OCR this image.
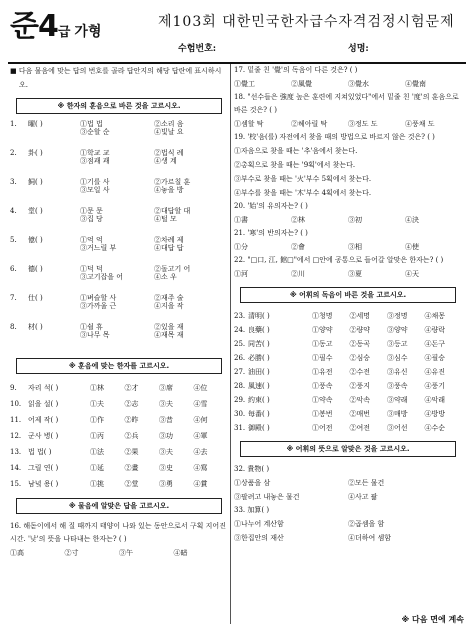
준4급 가형
제103회 대한민국한자급수자격검정시험문제
수험번호:	성명:
■ 다음 물음에 맞는 답의 번호를 골라 답안지의 해당 답란에 표시하시오.
※ 한자의 훈음으로 바른 것을 고르시오.
1.	曜( )	①법 법	②소리 음
③순할 순	④빛날 요
2.	卦( )	①학교 교	②법식 례
③점괘 괘	④생 계
3.	飼( )	①기를 사	②가르칠 훈
③모일 사	④놓을 방
4.	堂( )	①문 문	②대답할 대
③집 당	④털 모
5.	億( )	①억 억	②차례 제
③거느릴 부	④대답 답
6.	德( )	①덕 덕	②돌고기 어
③고기잡을 어	④소 우
7.	仕( )	①벼슬할 사	②재주 술
③가까울 근	④지을 작
8.	材( )	①쉴 휴	②있을 재
③나무 목	④재목 재
※ 훈음에 맞는 한자를 고르시오.
9.	자리 석( )	①林	②才	③席	④位
10. 읽을 설( )	①夫	②志	③夫	④雪
11. 어제 작( )	①作	②昨	③昔	④何
12. 군사 병( )	①丙	②兵	③功	④軍
13. 법 법( )	①法	②果	③夫	④去
14. 그릴 연( )	①延	②畫	③史	④寫
15. 남녘 용( )	①挑	②堂	③勇	④賞
※ 물음에 알맞은 답을 고르시오.
16. 해돋이에서 해 질 때까지 태양이 나와 있는 동안으로서 구획 지어진 시간. '낮'의 뜻을 나타내는 한자는? ( )
①高	②寸	③午	④暗
17. 밑줄 친 '覺'의 독음이 다른 것은? ( )
①覺工	②風覺	③覺水	④覺南
18. "선수들은 強度 높은 훈련에 지쳐있었다"에서 밑줄 친 '度'의 훈음으로 바른 것은? ( )
①셈할 탁	②헤아릴 탁	③정도 도	④풍채 도
19. '校'음(를) 자전에서 찾을 때의 방법으로 바르지 않은 것은? ( )
①자음으로 찾을 때는 '추'음에서 찾는다.
②총획으로 찾을 때는 '9획'에서 찾는다.
③부수로 찾을 때는 '火'부수 5획에서 찾는다.
④부수를 찾을 때는 '木'부수 4획에서 찾는다.
20. '始'의 유의자는? ( )
①書	②林	③初	④決
21. '寒'의 반의자는? ( )
①分	②會	③相	④使
22. "□口, 江, 館□"에서 □안에 공통으로 들어갈 알맞은 한자는? ( )
①河	②川	③夏	④天
※ 어휘의 독음이 바른 것을 고르시오.
23. 清明( )	①청명	②세명	③정명	④채몽
24. 良藥( )	①양약	②량약	③양약	④량락
25. 同苦( )	①동고	②동곡	③등고	④돈구
26. 必勝( )	①필수	②심승	③심수	④필승
27. 油田( )	①유전	②수전	③유신	④유진
28. 風速( )	①풍속	②풍지	③풍속	④풍기
29. 約束( )	①약속	②악속	③약래	④악래
30. 每番( )	①봉번	②매번	③매방	④방방
31. 御殿( )	①어전	②여전	③어선	④수순
※ 어휘의 뜻으로 알맞은 것을 고르시오.
32. 貴物( )
①상품을 삼	②모든 물건
③팔려고 내놓은 물건	④사고 팖
33. 加算( )
①나누어 계산함	②곱셈을 함
③한집안의 재산	④더하여 셈함
※ 다음 면에 계속
